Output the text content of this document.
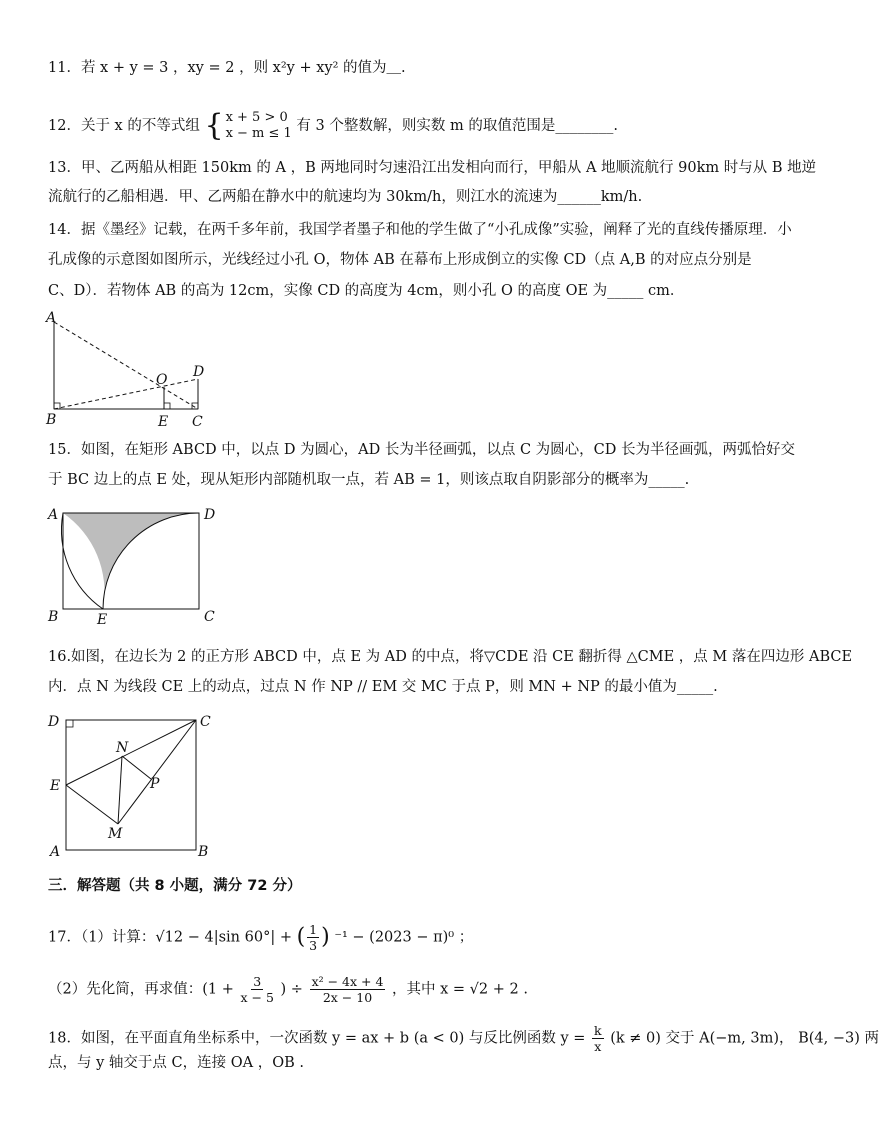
11．若 x + y = 3 ，xy = 2 ，则 x²y + xy² 的值为＿.
12．关于 x 的不等式组 { x + 5 > 0
x − m ≤ 1 有 3 个整数解，则实数 m 的取值范围是________.
13．甲、乙两船从相距 150km 的 A ，B 两地同时匀速沿江出发相向而行，甲船从 A 地顺流航行 90km 时与从 B 地逆
流航行的乙船相遇．甲、乙两船在静水中的航速均为 30km/h，则江水的流速为______km/h.
14．据《墨经》记载，在两千多年前，我国学者墨子和他的学生做了“小孔成像”实验，阐释了光的直线传播原理．小
孔成像的示意图如图所示，光线经过小孔 O，物体 AB 在幕布上形成倒立的实像 CD（点 A,B 的对应点分别是
C、D）．若物体 AB 的高为 12cm，实像 CD 的高度为 4cm，则小孔 O 的高度 OE 为_____ cm．
A
B
O D
E C
15．如图，在矩形 ABCD 中，以点 D 为圆心，AD 长为半径画弧，以点 C 为圆心，CD 长为半径画弧，两弧恰好交
于 BC 边上的点 E 处，现从矩形内部随机取一点，若 AB = 1，则该点取自阴影部分的概率为_____.
A	D
B	E	C
16.如图，在边长为 2 的正方形 ABCD 中，点 E 为 AD 的中点，将▽CDE 沿 CE 翻折得 △CME ，点 M 落在四边形 ABCE
内．点 N 为线段 CE 上的动点，过点 N 作 NP // EM 交 MC 于点 P，则 MN + NP 的最小值为_____.
D	C
N
E	P
M
A	B
三．解答题（共 8 小题，满分 72 分）
17．（1）计算：√12 − 4|sin 60°| + ( $\frac{1}{3}$ ) ⁻¹ − (2023 − π)⁰ ；
（2）先化简，再求值：($1 + \frac{3}{x - 5}$ ) ÷ $\frac{\text{x² − 4x + 4}}{2x - 10}$ ，其中 x = √2 + 2 .
18．如图，在平面直角坐标系中，一次函数 y = ax + b (a < 0) 与反比例函数 $y = \frac{k}{x} (k \ne 0)$ 交于 A(−m, 3m)， B(4, −3) 两
点，与 y 轴交于点 C，连接 OA ，OB .
